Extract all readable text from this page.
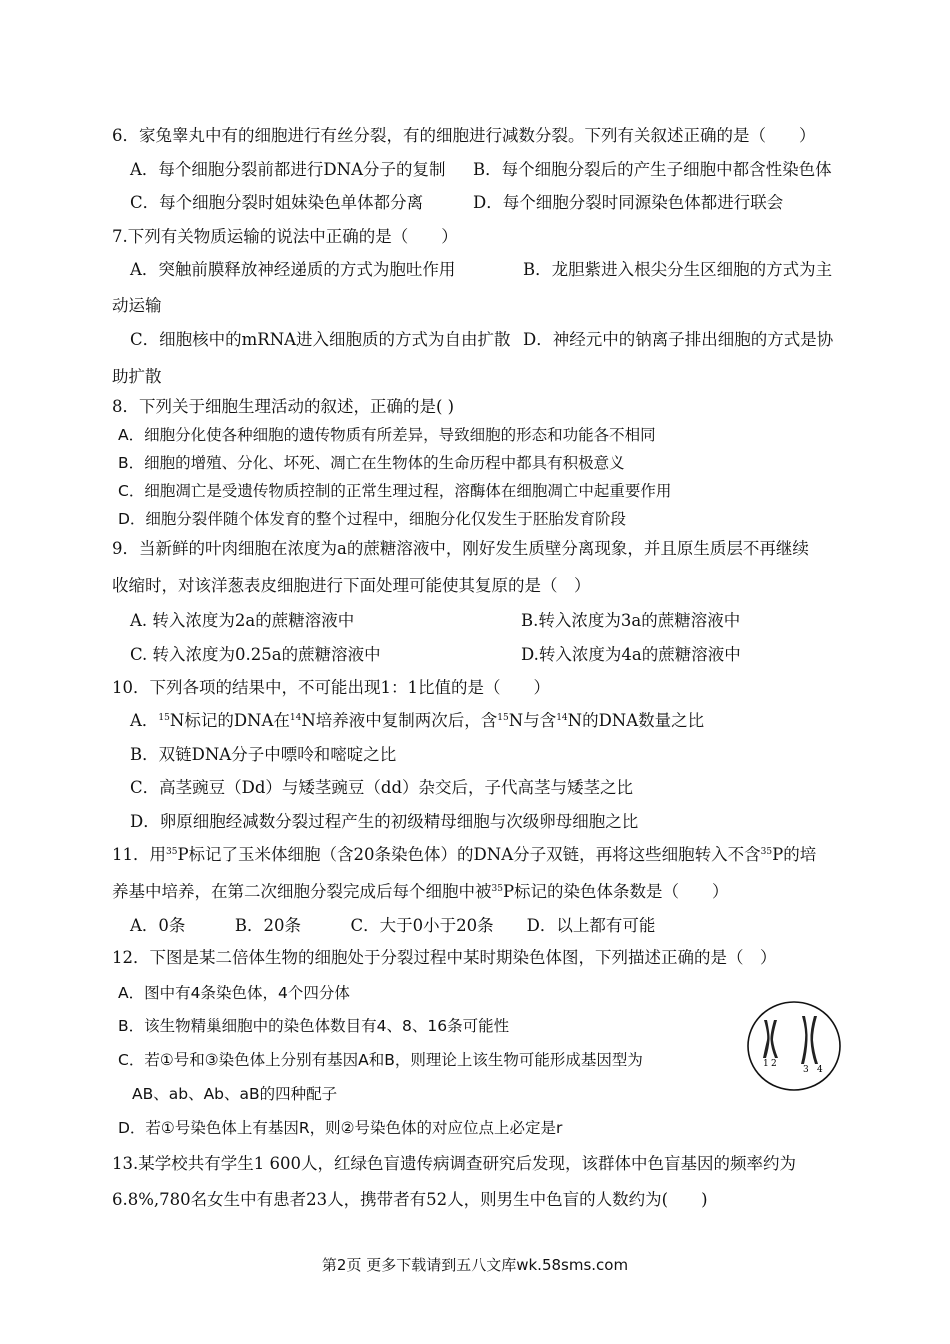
6．家兔睾丸中有的细胞进行有丝分裂，有的细胞进行减数分裂。下列有关叙述正确的是（　　）
A．每个细胞分裂前都进行DNA分子的复制 B．每个细胞分裂后的产生子细胞中都含性染色体
C．每个细胞分裂时姐妹染色单体都分离	D．每个细胞分裂时同源染色体都进行联会
7.下列有关物质运输的说法中正确的是（　　）
A．突触前膜释放神经递质的方式为胞吐作用	B．龙胆紫进入根尖分生区细胞的方式为主
动运输
C．细胞核中的mRNA进入细胞质的方式为自由扩散 D．神经元中的钠离子排出细胞的方式是协
助扩散
8．下列关于细胞生理活动的叙述，正确的是( )
A．细胞分化使各种细胞的遗传物质有所差异，导致细胞的形态和功能各不相同
B．细胞的增殖、分化、坏死、凋亡在生物体的生命历程中都具有积极意义
C．细胞凋亡是受遗传物质控制的正常生理过程，溶酶体在细胞凋亡中起重要作用
D．细胞分裂伴随个体发育的整个过程中，细胞分化仅发生于胚胎发育阶段
9．当新鲜的叶肉细胞在浓度为a的蔗糖溶液中，刚好发生质壁分离现象，并且原生质层不再继续
收缩时，对该洋葱表皮细胞进行下面处理可能使其复原的是（　）
A. 转入浓度为2a的蔗糖溶液中	B.转入浓度为3a的蔗糖溶液中
C. 转入浓度为0.25a的蔗糖溶液中	D.转入浓度为4a的蔗糖溶液中
10．下列各项的结果中，不可能出现1：1比值的是（　　）
A．$^{15}$N标记的DNA在$^{14}$N培养液中复制两次后，含$^{15}$N与含$^{14}$N的DNA数量之比
B．双链DNA分子中嘌呤和嘧啶之比
C．高茎豌豆（Dd）与矮茎豌豆（dd）杂交后，子代高茎与矮茎之比
D．卵原细胞经减数分裂过程产生的初级精母细胞与次级卵母细胞之比
11．用$^{35}$P标记了玉米体细胞（含20条染色体）的DNA分子双链，再将这些细胞转入不含$^{35}$P的培
养基中培养，在第二次细胞分裂完成后每个细胞中被$^{35}$P标记的染色体条数是（　　）
A．0条　　　B．20条　　　C．大于0小于20条　　D．以上都有可能
12．下图是某二倍体生物的细胞处于分裂过程中某时期染色体图，下列描述正确的是（　）
A．图中有4条染色体，4个四分体
B．该生物精巢细胞中的染色体数目有4、8、16条可能性
C．若①号和③染色体上分别有基因A和B，则理论上该生物可能形成基因型为
AB、ab、Ab、aB的四种配子
D．若①号染色体上有基因R，则②号染色体的对应位点上必定是r
1 2
3 4
13.某学校共有学生1 600人，红绿色盲遗传病调查研究后发现，该群体中色盲基因的频率约为
6.8%,780名女生中有患者23人，携带者有52人，则男生中色盲的人数约为(　　)
第2页 更多下载请到五八文库wk.58sms.com
